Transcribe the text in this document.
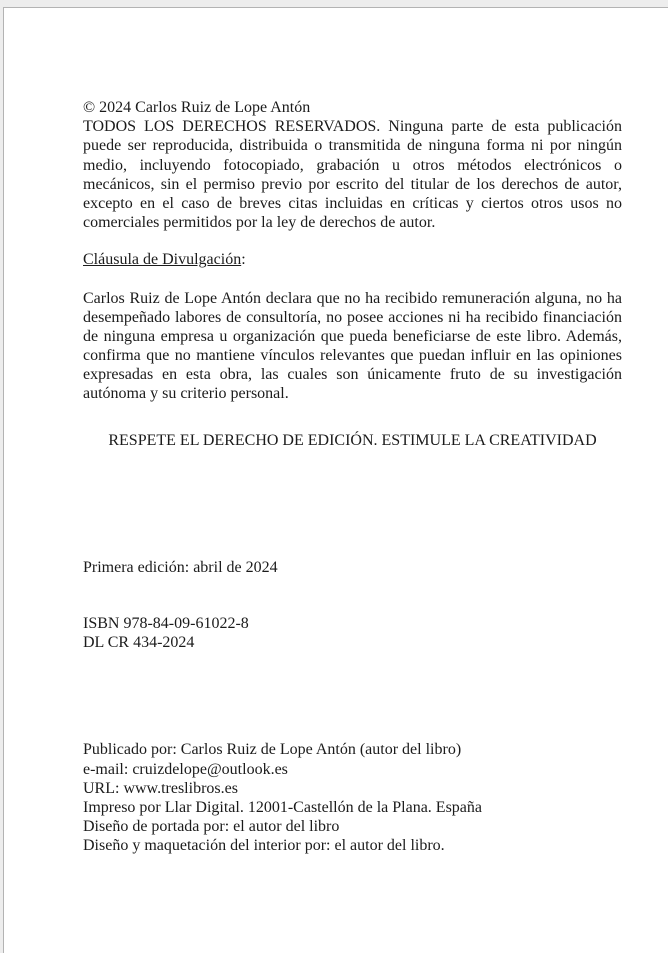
© 2024 Carlos Ruiz de Lope Antón

TODOS LOS DERECHOS RESERVADOS. Ninguna parte de esta publicación puede ser reproducida, distribuida o transmitida de ninguna forma ni por ningún medio, incluyendo fotocopiado, grabación u otros métodos electrónicos o mecánicos, sin el permiso previo por escrito del titular de los derechos de autor, excepto en el caso de breves citas incluidas en críticas y ciertos otros usos no comerciales permitidos por la ley de derechos de autor.

Cláusula de Divulgación:

Carlos Ruiz de Lope Antón declara que no ha recibido remuneración alguna, no ha desempeñado labores de consultoría, no posee acciones ni ha recibido financiación de ninguna empresa u organización que pueda beneficiarse de este libro. Además, confirma que no mantiene vínculos relevantes que puedan influir en las opiniones expresadas en esta obra, las cuales son únicamente fruto de su investigación autónoma y su criterio personal.

RESPETE EL DERECHO DE EDICIÓN. ESTIMULE LA CREATIVIDAD
Primera edición: abril de 2024
ISBN 978-84-09-61022-8
DL CR 434-2024
Publicado por: Carlos Ruiz de Lope Antón (autor del libro)
e-mail: cruizdelope@outlook.es
URL: www.treslibros.es
Impreso por Llar Digital. 12001-Castellón de la Plana. España
Diseño de portada por: el autor del libro
Diseño y maquetación del interior por: el autor del libro.
